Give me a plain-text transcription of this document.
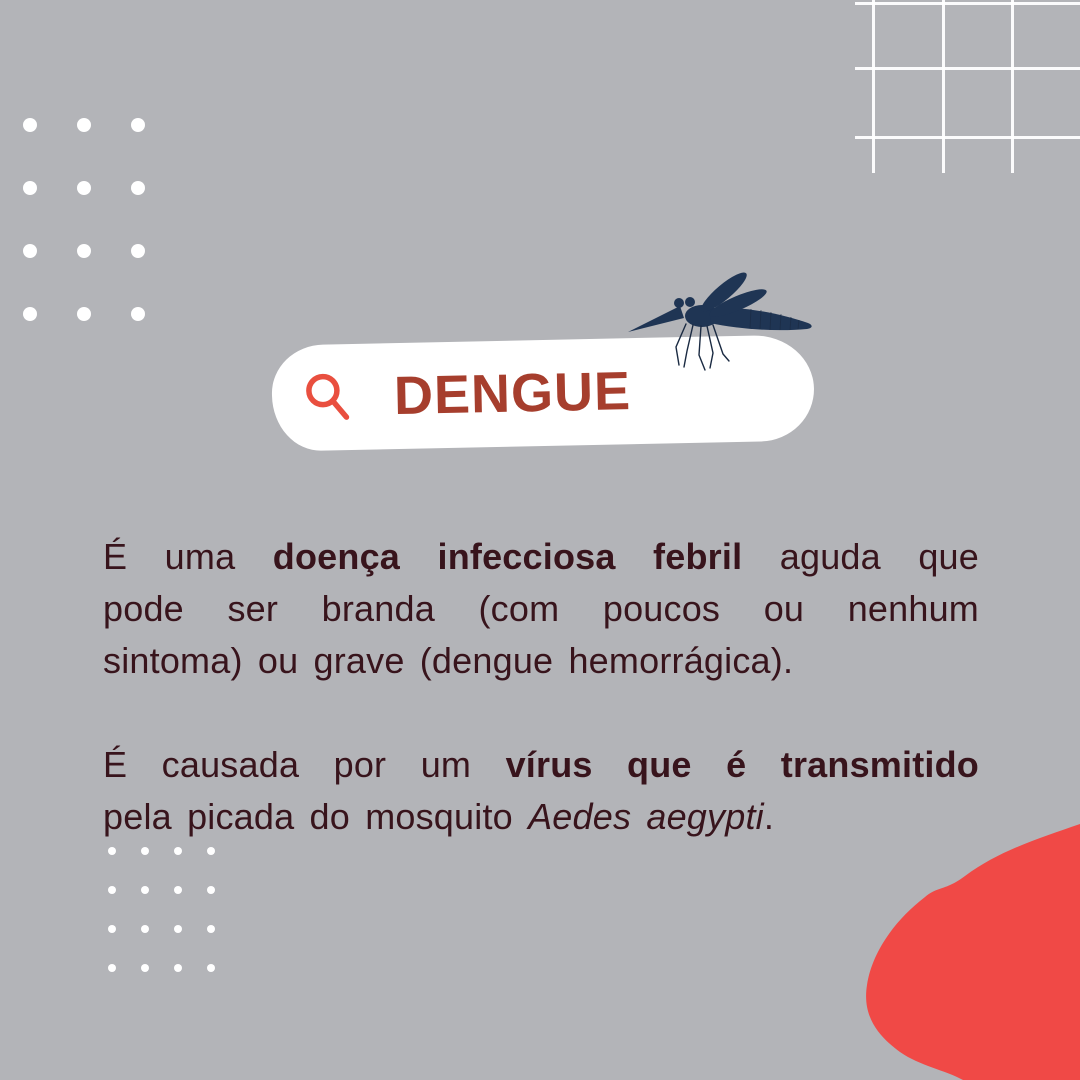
DENGUE
É uma doença infecciosa febril aguda que
pode ser branda (com poucos ou nenhum
sintoma) ou grave (dengue hemorrágica).
É causada por um vírus que é transmitido
pela picada do mosquito Aedes aegypti.
